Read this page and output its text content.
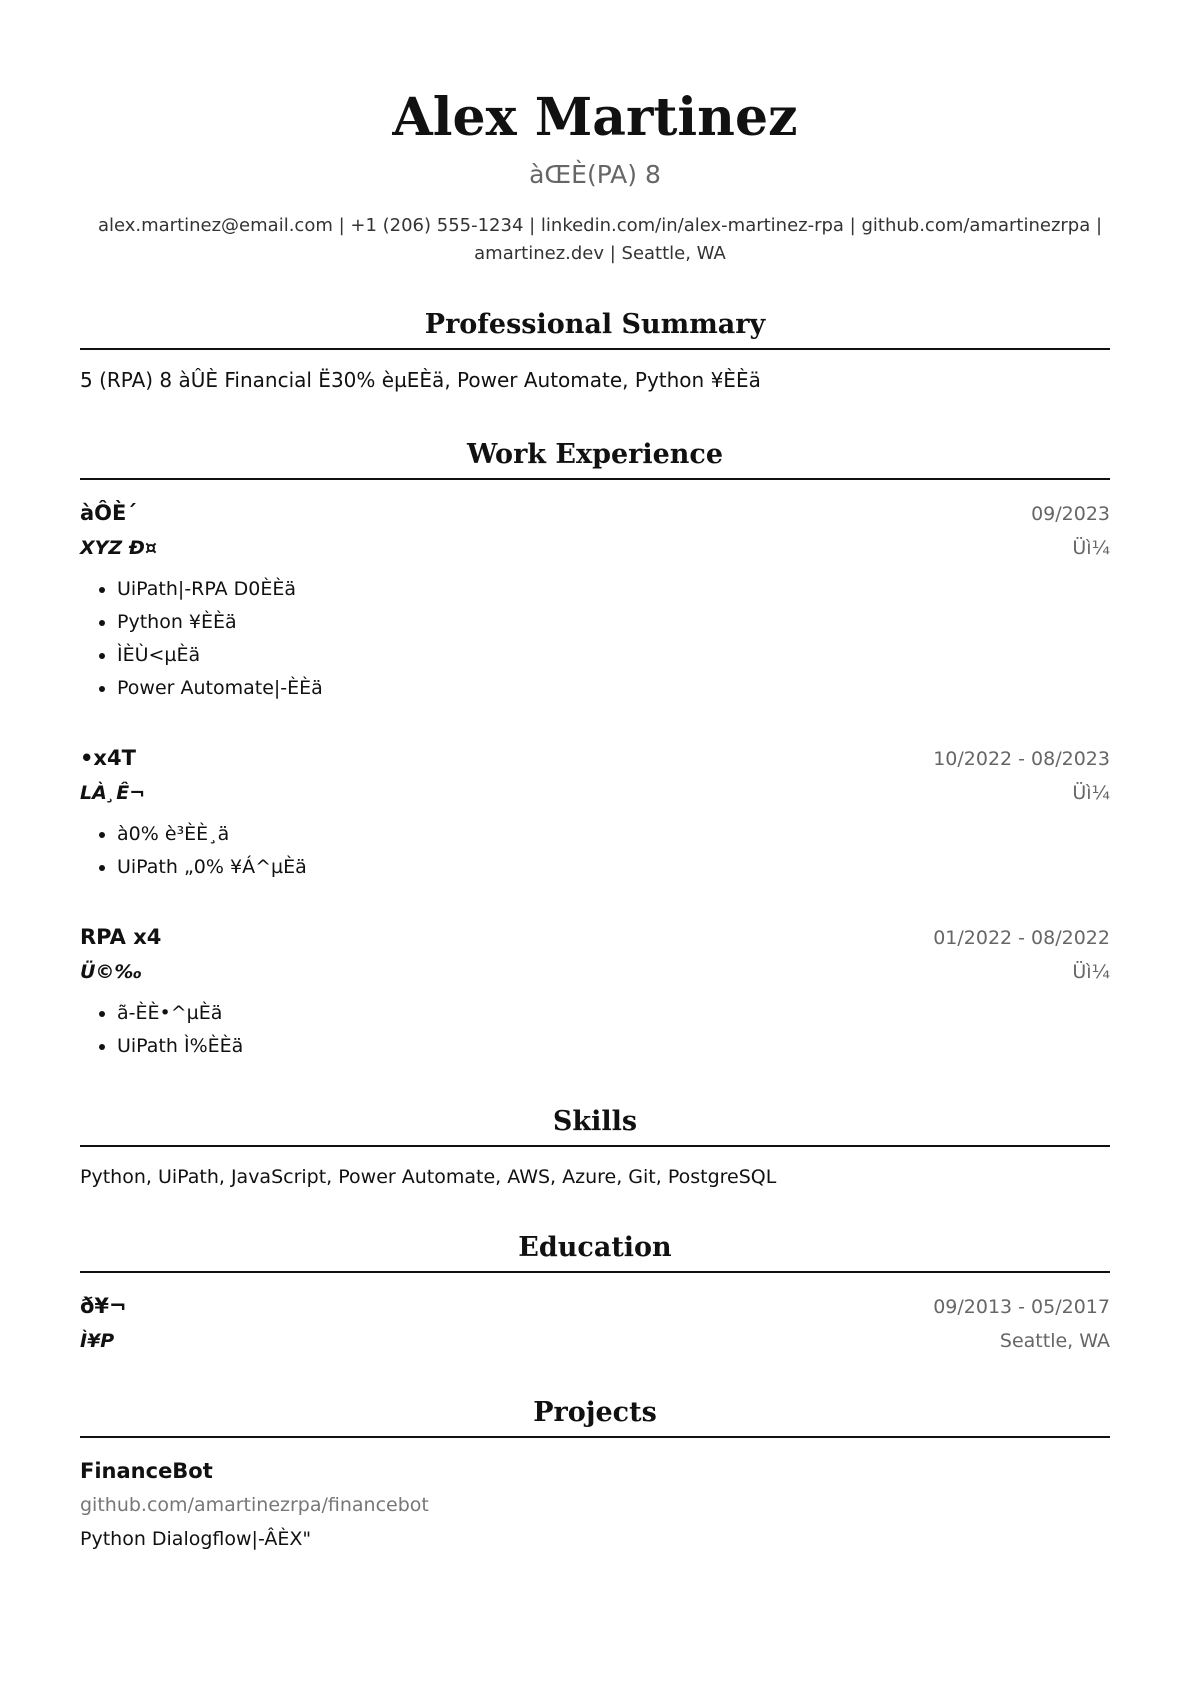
Alex Martinez
àŒÈ(PA) 8
alex.martinez@email.com | +1 (206) 555-1234 | linkedin.com/in/alex-martinez-rpa | github.com/amartinezrpa | amartinez.dev | Seattle, WA
Professional Summary
5 (RPA) 8 àÛÈ Financial Ë30% èµEÈä, Power Automate, Python ¥ÈÈä
Work Experience
àÔÈ´	09/2023
XYZ Ð¤	Üì¼
• UiPath|-RPA D0ÈÈä
• Python ¥ÈÈä
• ÌÈÙ<µÈä
• Power Automate|-ÈÈä
•x4T	10/2022 - 08/2023
LÀ¸Ê¬	Üì¼
• à0% è³ÈÈ¸ä
• UiPath „0% ¥Á^µÈä
RPA x4	01/2022 - 08/2022
Ü©‰	Üì¼
• ã-ÈÈ•^µÈä
• UiPath Ì%ÈÈä
Skills
Python, UiPath, JavaScript, Power Automate, AWS, Azure, Git, PostgreSQL
Education
ð¥¬	09/2013 - 05/2017
Ì¥P	Seattle, WA
Projects
FinanceBot
github.com/amartinezrpa/financebot
Python Dialogflow|-ÂÈX"
